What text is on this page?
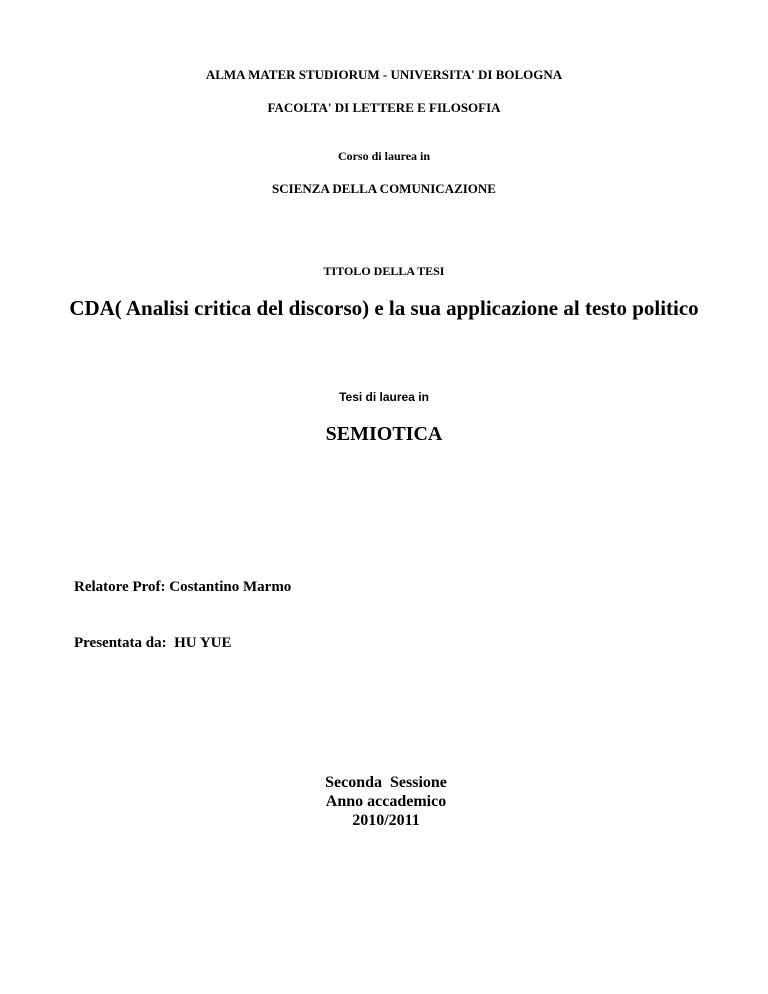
ALMA MATER STUDIORUM - UNIVERSITA' DI BOLOGNA
FACOLTA' DI LETTERE E FILOSOFIA
Corso di laurea in
SCIENZA DELLA COMUNICAZIONE
TITOLO DELLA TESI
CDA( Analisi critica del discorso) e la sua applicazione al testo politico
Tesi di laurea in
SEMIOTICA
Relatore Prof: Costantino Marmo
Presentata da:  HU YUE
Seconda  Sessione
Anno accademico
2010/2011
